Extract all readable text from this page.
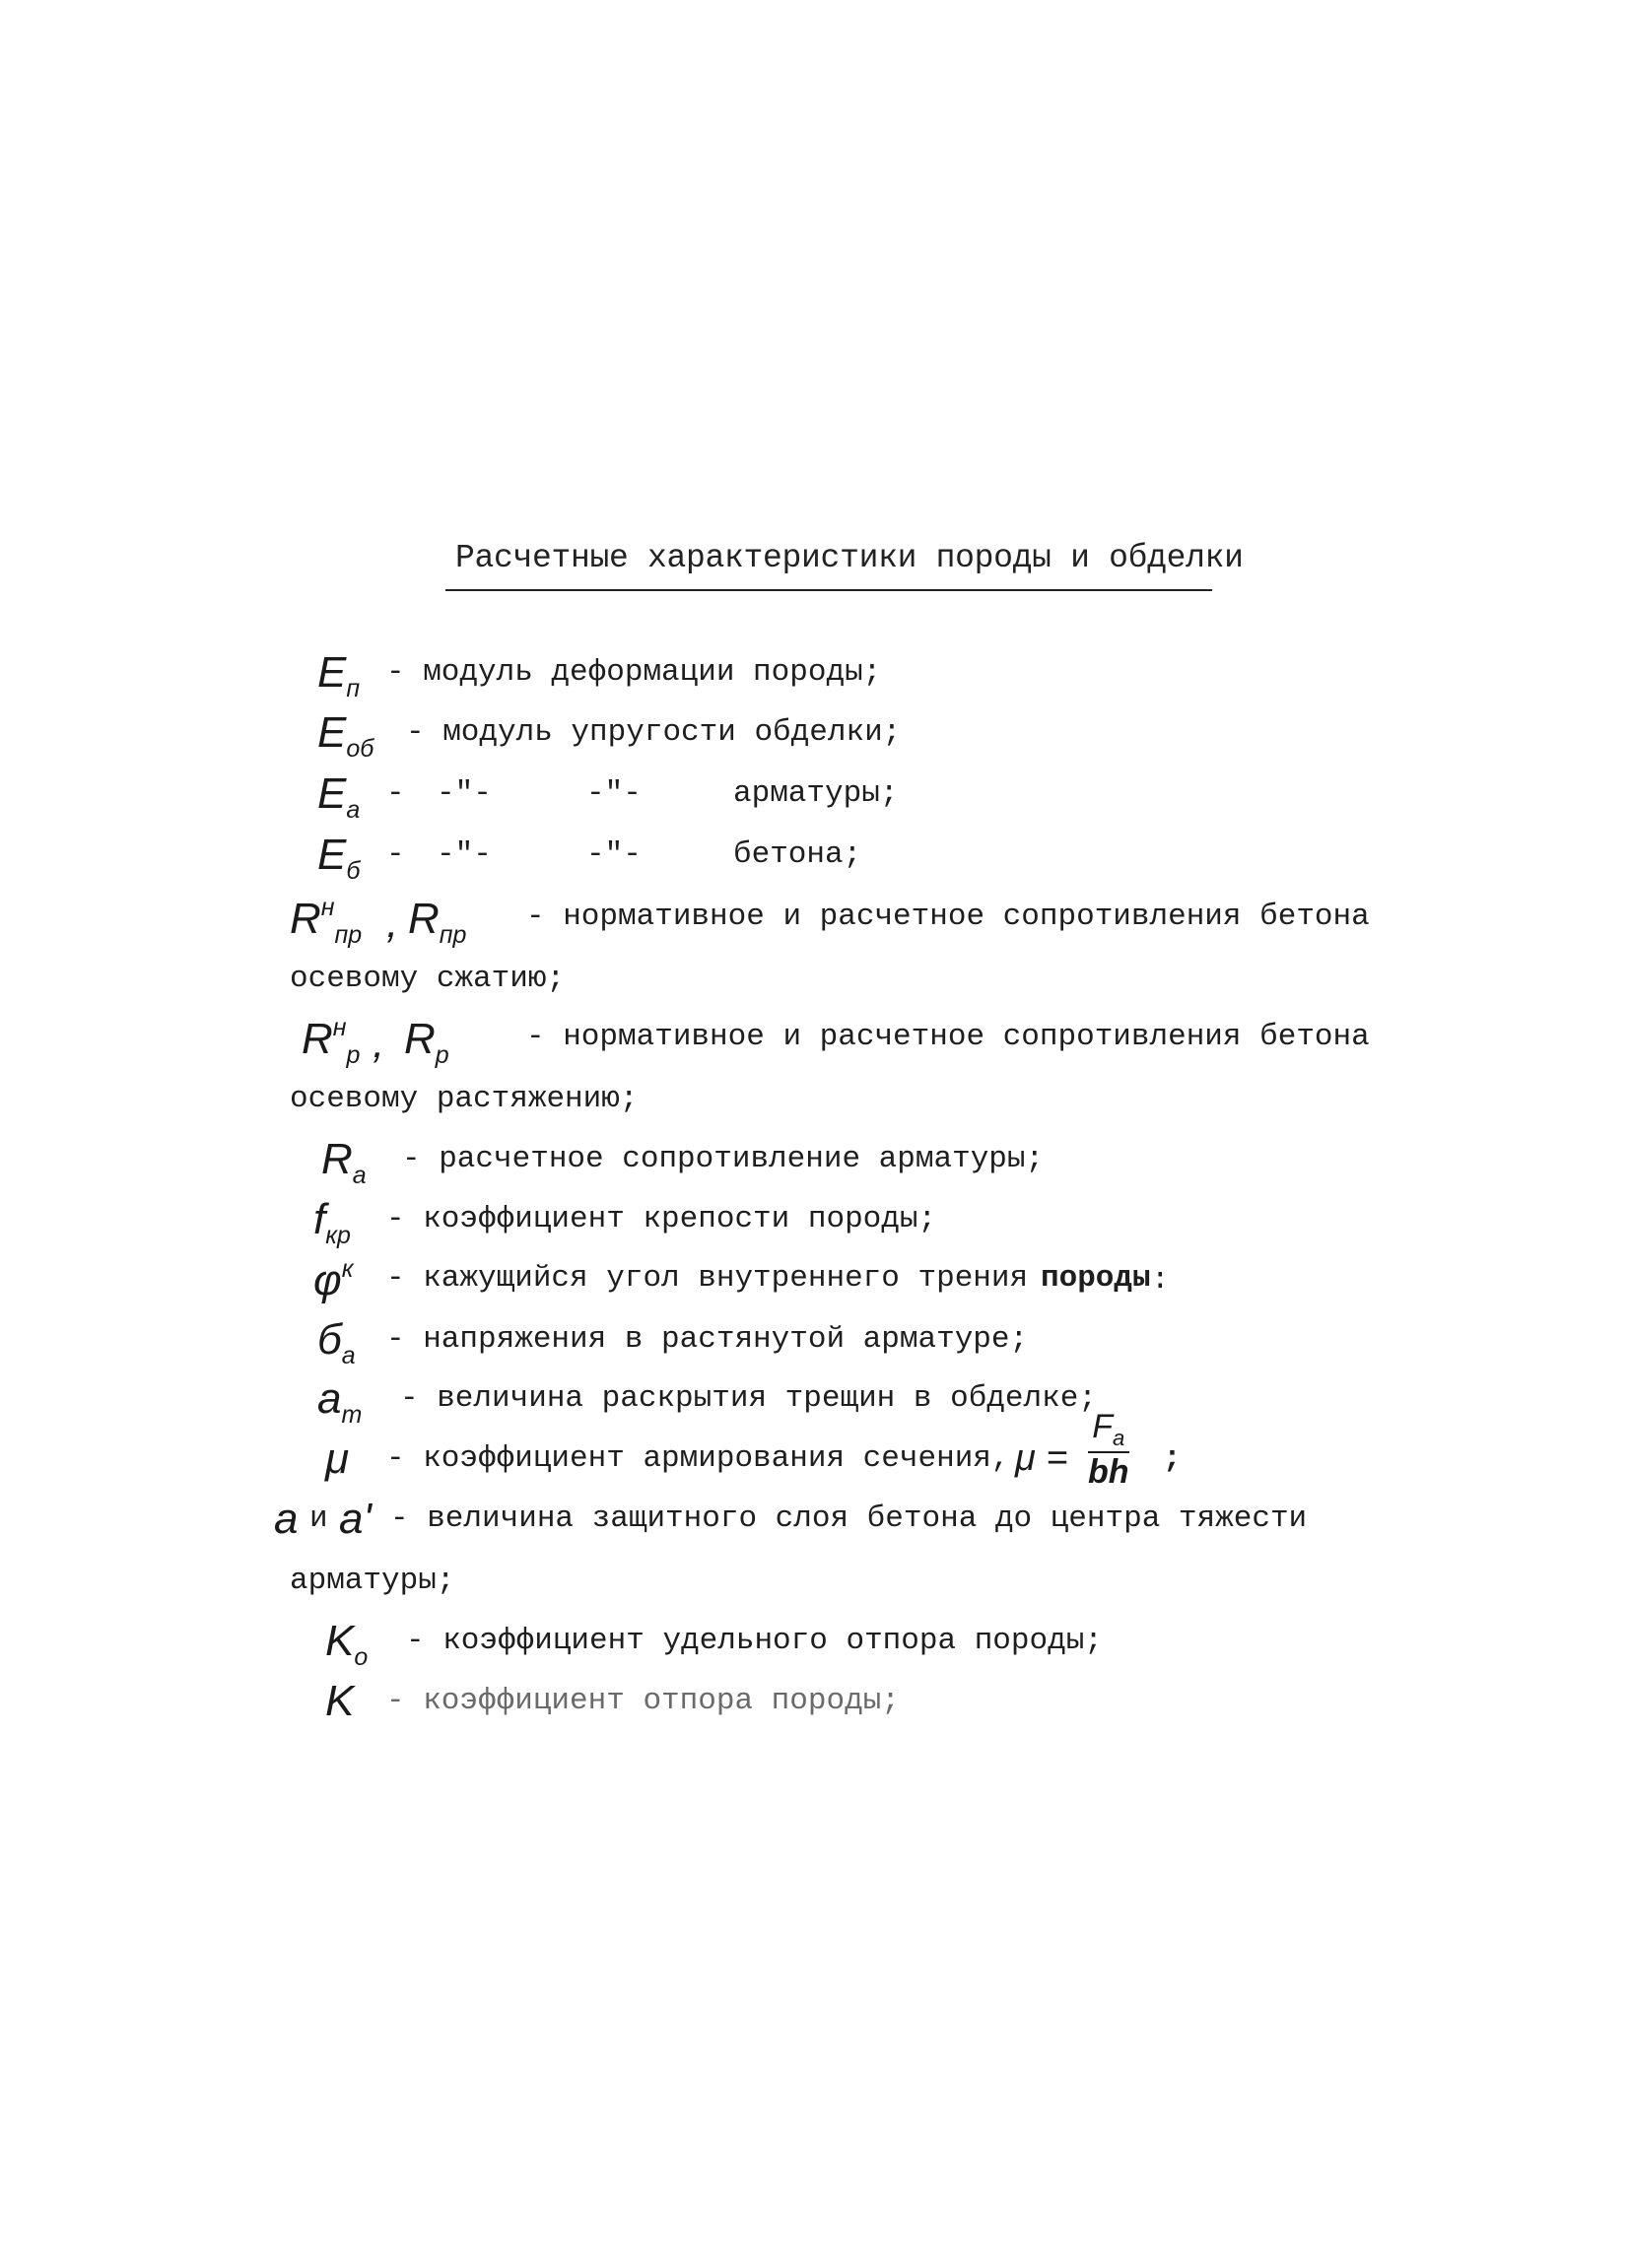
Расчетные характеристики породы и обделки
$E_п$ - модуль деформации породы;
$E_{об}$ - модуль упругости обделки;
$E_a$ - -"-	-"-	арматуры;
$E_б$ - -"-	-"-	бетона;
$R^н_{пр}$ , $R_{пр}$
- нормативное и расчетное сопротивления бетона
осевому сжатию;
$R^н_р$ , $R_р$
- нормативное и расчетное сопротивления бетона
осевому растяжению;
$R_a$ - расчетное сопротивление арматуры;
$f_{кр}$ - коэффициент крепости породы;
$\varphi^к$ - кажущийся угол внутреннего трения породы :
$б_a$ - напряжения в растянутой арматуре;
$a_т$ - величина раскрытия трещин в обделке;
μ - коэффициент армирования сечения, $\mu = \frac{F_a}{bh}$ ;
a и a' - величина защитного слоя бетона до центра тяжести
арматуры;
$K_o$ - коэффициент удельного отпора породы;
K - коэффициент отпора породы;
